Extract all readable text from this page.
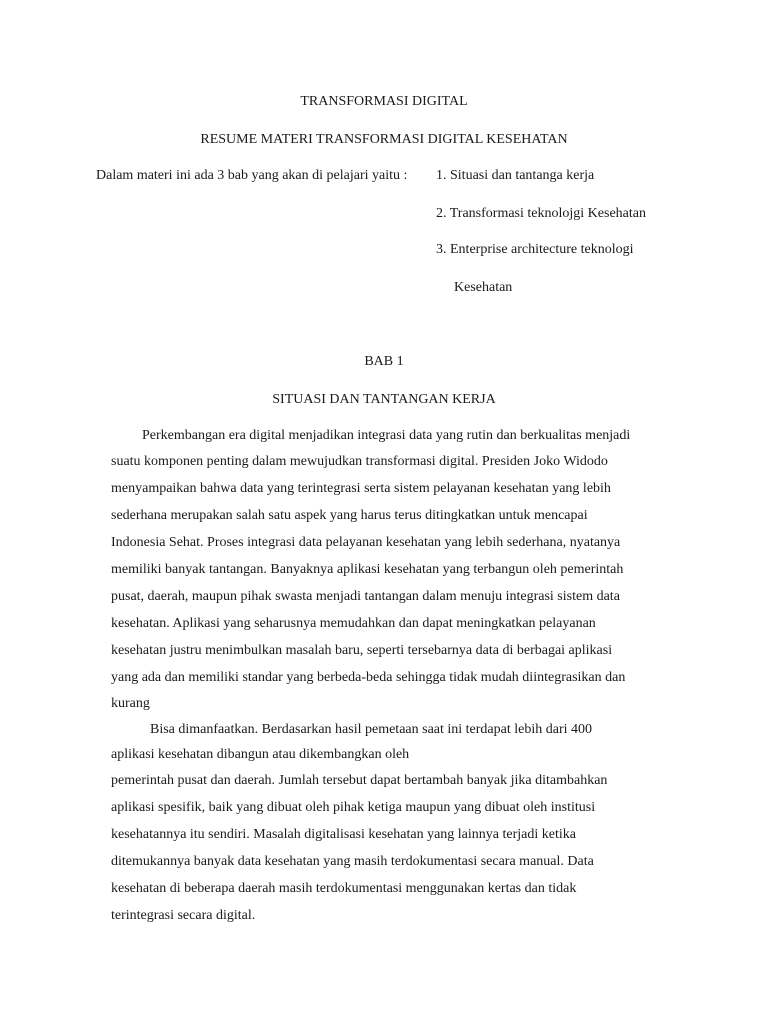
TRANSFORMASI DIGITAL
RESUME MATERI TRANSFORMASI DIGITAL KESEHATAN
Dalam materi ini ada 3 bab yang akan di pelajari yaitu : 1. Situasi dan tantanga kerja
2. Transformasi teknolojgi Kesehatan
3. Enterprise architecture teknologi
Kesehatan
BAB 1
SITUASI DAN TANTANGAN KERJA
Perkembangan era digital menjadikan integrasi data yang rutin dan berkualitas menjadi
suatu komponen penting dalam mewujudkan transformasi digital. Presiden Joko Widodo
menyampaikan bahwa data yang terintegrasi serta sistem pelayanan kesehatan yang lebih
sederhana merupakan salah satu aspek yang harus terus ditingkatkan untuk mencapai
Indonesia Sehat. Proses integrasi data pelayanan kesehatan yang lebih sederhana, nyatanya
memiliki banyak tantangan. Banyaknya aplikasi kesehatan yang terbangun oleh pemerintah
pusat, daerah, maupun pihak swasta menjadi tantangan dalam menuju integrasi sistem data
kesehatan. Aplikasi yang seharusnya memudahkan dan dapat meningkatkan pelayanan
kesehatan justru menimbulkan masalah baru, seperti tersebarnya data di berbagai aplikasi
yang ada dan memiliki standar yang berbeda-beda sehingga tidak mudah diintegrasikan dan
kurang
Bisa dimanfaatkan. Berdasarkan hasil pemetaan saat ini terdapat lebih dari 400
aplikasi kesehatan dibangun atau dikembangkan oleh
pemerintah pusat dan daerah. Jumlah tersebut dapat bertambah banyak jika ditambahkan
aplikasi spesifik, baik yang dibuat oleh pihak ketiga maupun yang dibuat oleh institusi
kesehatannya itu sendiri. Masalah digitalisasi kesehatan yang lainnya terjadi ketika
ditemukannya banyak data kesehatan yang masih terdokumentasi secara manual. Data
kesehatan di beberapa daerah masih terdokumentasi menggunakan kertas dan tidak
terintegrasi secara digital.
